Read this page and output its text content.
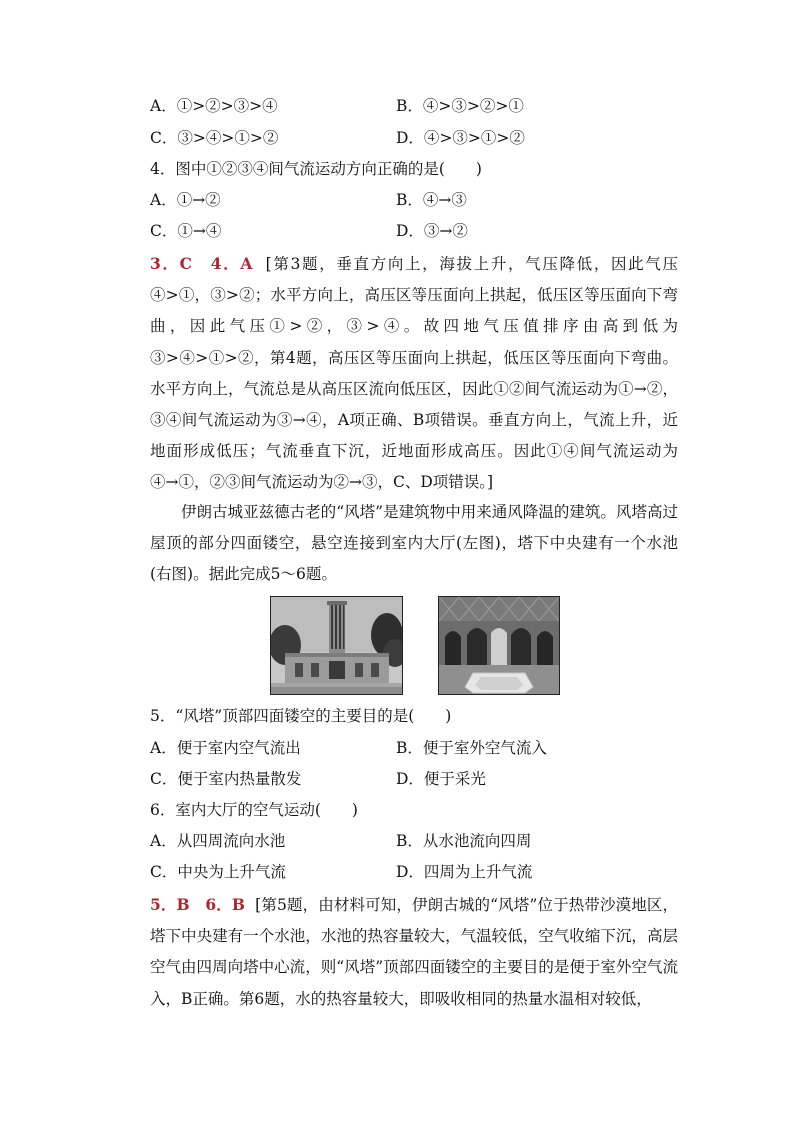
A．①>②>③>④	B．④>③>②>①
C．③>④>①>②	D．④>③>①>②
4．图中①②③④间气流运动方向正确的是(　　)
A．①→②	B．④→③
C．①→④	D．③→②
3．C　4．A [第3题，垂直方向上，海拔上升，气压降低，因此气压④>①，③>②；水平方向上，高压区等压面向上拱起，低压区等压面向下弯曲，因此气压①>②，③>④。故四地气压值排序由高到低为③>④>①>②，第4题，高压区等压面向上拱起，低压区等压面向下弯曲。水平方向上，气流总是从高压区流向低压区，因此①②间气流运动为①→②，③④间气流运动为③→④，A项正确、B项错误。垂直方向上，气流上升，近地面形成低压；气流垂直下沉，近地面形成高压。因此①④间气流运动为④→①，②③间气流运动为②→③，C、D项错误。]
伊朗古城亚兹德古老的“风塔”是建筑物中用来通风降温的建筑。风塔高过屋顶的部分四面镂空，悬空连接到室内大厅(左图)，塔下中央建有一个水池(右图)。据此完成5～6题。
5．“风塔”顶部四面镂空的主要目的是(　　)
A．便于室内空气流出	B．便于室外空气流入
C．便于室内热量散发	D．便于采光
6．室内大厅的空气运动(　　)
A．从四周流向水池	B．从水池流向四周
C．中央为上升气流	D．四周为上升气流
5．B　6．B [第5题，由材料可知，伊朗古城的“风塔”位于热带沙漠地区，塔下中央建有一个水池，水池的热容量较大，气温较低，空气收缩下沉，高层空气由四周向塔中心流，则“风塔”顶部四面镂空的主要目的是便于室外空气流入，B正确。第6题，水的热容量较大，即吸收相同的热量水温相对较低，
